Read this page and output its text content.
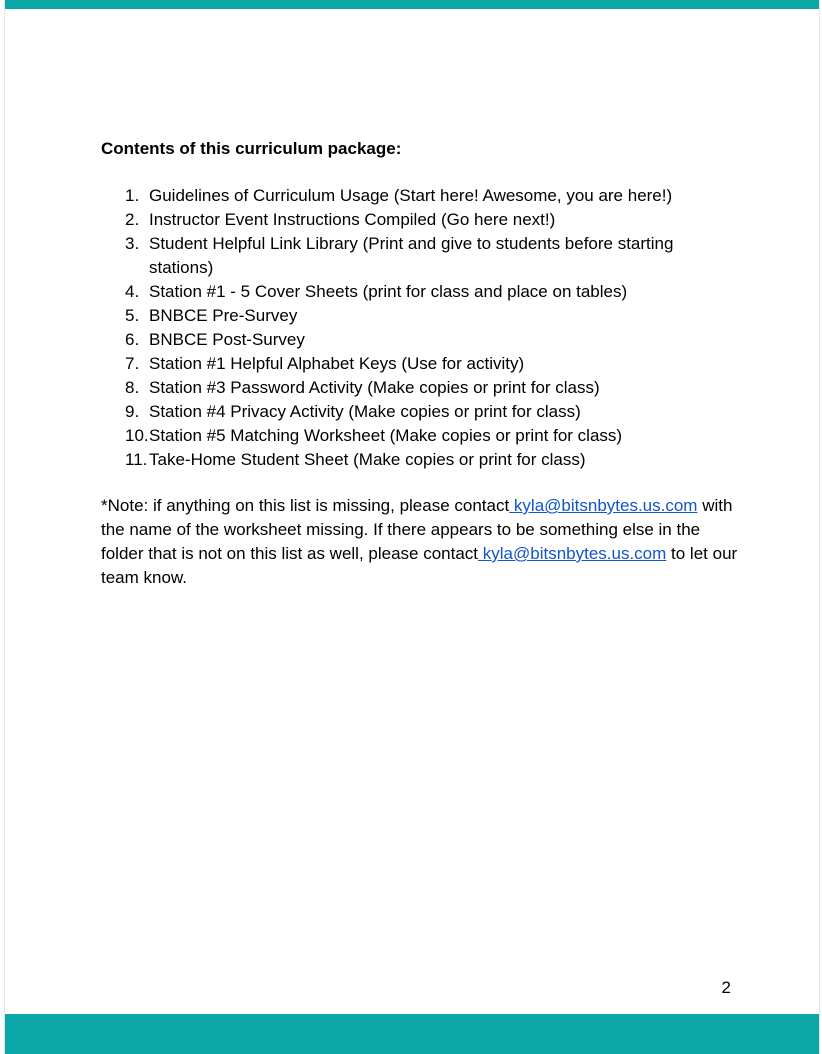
Contents of this curriculum package:
1. Guidelines of Curriculum Usage (Start here! Awesome, you are here!)
2. Instructor Event Instructions Compiled (Go here next!)
3. Student Helpful Link Library (Print and give to students before starting stations)
4. Station #1 - 5 Cover Sheets (print for class and place on tables)
5. BNBCE Pre-Survey
6. BNBCE Post-Survey
7. Station #1 Helpful Alphabet Keys (Use for activity)
8. Station #3 Password Activity (Make copies or print for class)
9. Station #4 Privacy Activity (Make copies or print for class)
10. Station #5 Matching Worksheet (Make copies or print for class)
11. Take-Home Student Sheet (Make copies or print for class)

*Note: if anything on this list is missing, please contact kyla@bitsnbytes.us.com with the name of the worksheet missing. If there appears to be something else in the folder that is not on this list as well, please contact kyla@bitsnbytes.us.com to let our team know.

2
